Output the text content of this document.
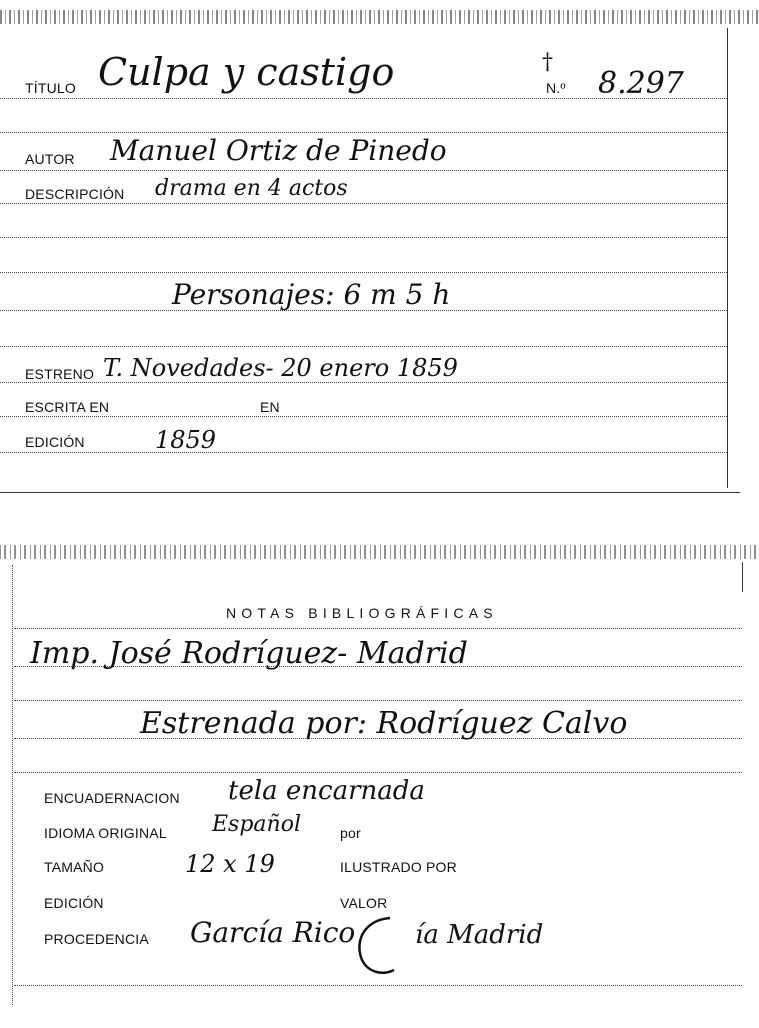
TÍTULO Culpa y castigo	†
N.º 8.297
AUTOR Manuel Ortiz de Pinedo
DESCRIPCIÓN drama en 4 actos
Personajes: 6 m 5 h
ESTRENO T. Novedades- 20 enero 1859
ESCRITA EN	EN
EDICIÓN	1859
NOTAS BIBLIOGRÁFICAS
Imp. José Rodríguez- Madrid
Estrenada por: Rodríguez Calvo
ENCUADERNACION tela encarnada
IDIOMA ORIGINAL Español	por
TAMAÑO	12 x 19	ILUSTRADO POR
EDICIÓN	VALOR
PROCEDENCIA García Rico ía Madrid
